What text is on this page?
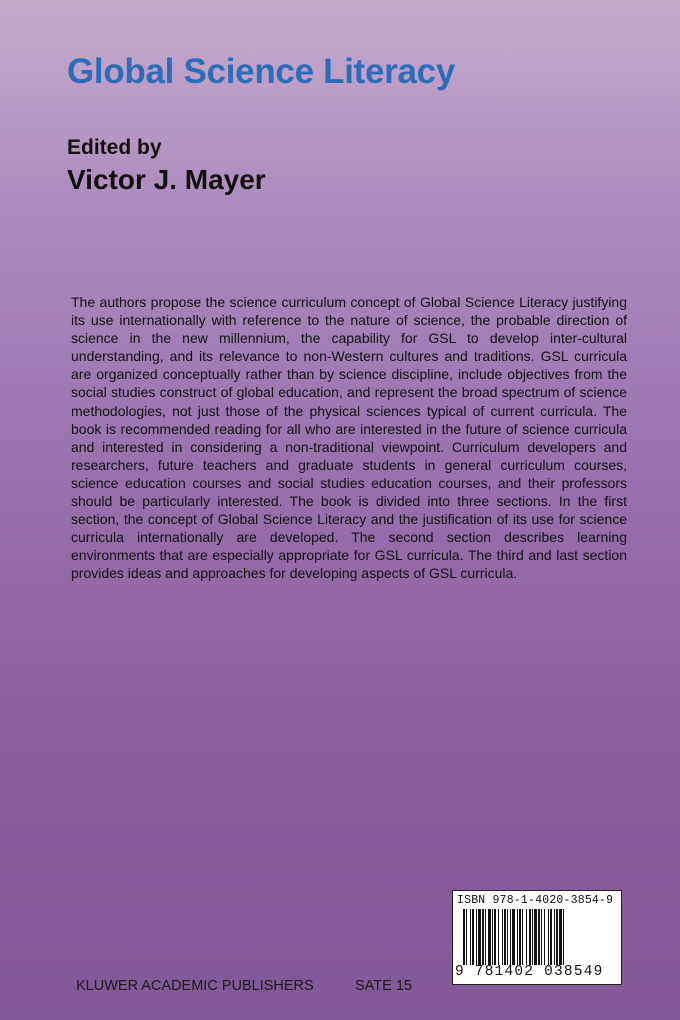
Global Science Literacy
Edited by
Victor J. Mayer

The authors propose the science curriculum concept of Global Science Literacy justifying its use internationally with reference to the nature of science, the probable direction of science in the new millennium, the capability for GSL to develop inter-cultural understanding, and its relevance to non-Western cultures and traditions. GSL curricula are organized conceptually rather than by science discipline, include objectives from the social studies construct of global education, and represent the broad spectrum of science methodologies, not just those of the physical sciences typical of current curricula. The book is recommended reading for all who are interested in the future of science curricula and interested in considering a non-traditional viewpoint. Curriculum developers and researchers, future teachers and graduate students in general curriculum courses, science education courses and social studies education courses, and their professors should be particularly interested. The book is divided into three sections. In the first section, the concept of Global Science Literacy and the justification of its use for science curricula internationally are developed. The second section describes learning environments that are especially appropriate for GSL curricula. The third and last section provides ideas and approaches for developing aspects of GSL curricula.

ISBN 978-1-4020-3854-9
9 781402 038549
KLUWER ACADEMIC PUBLISHERS	SATE 15
